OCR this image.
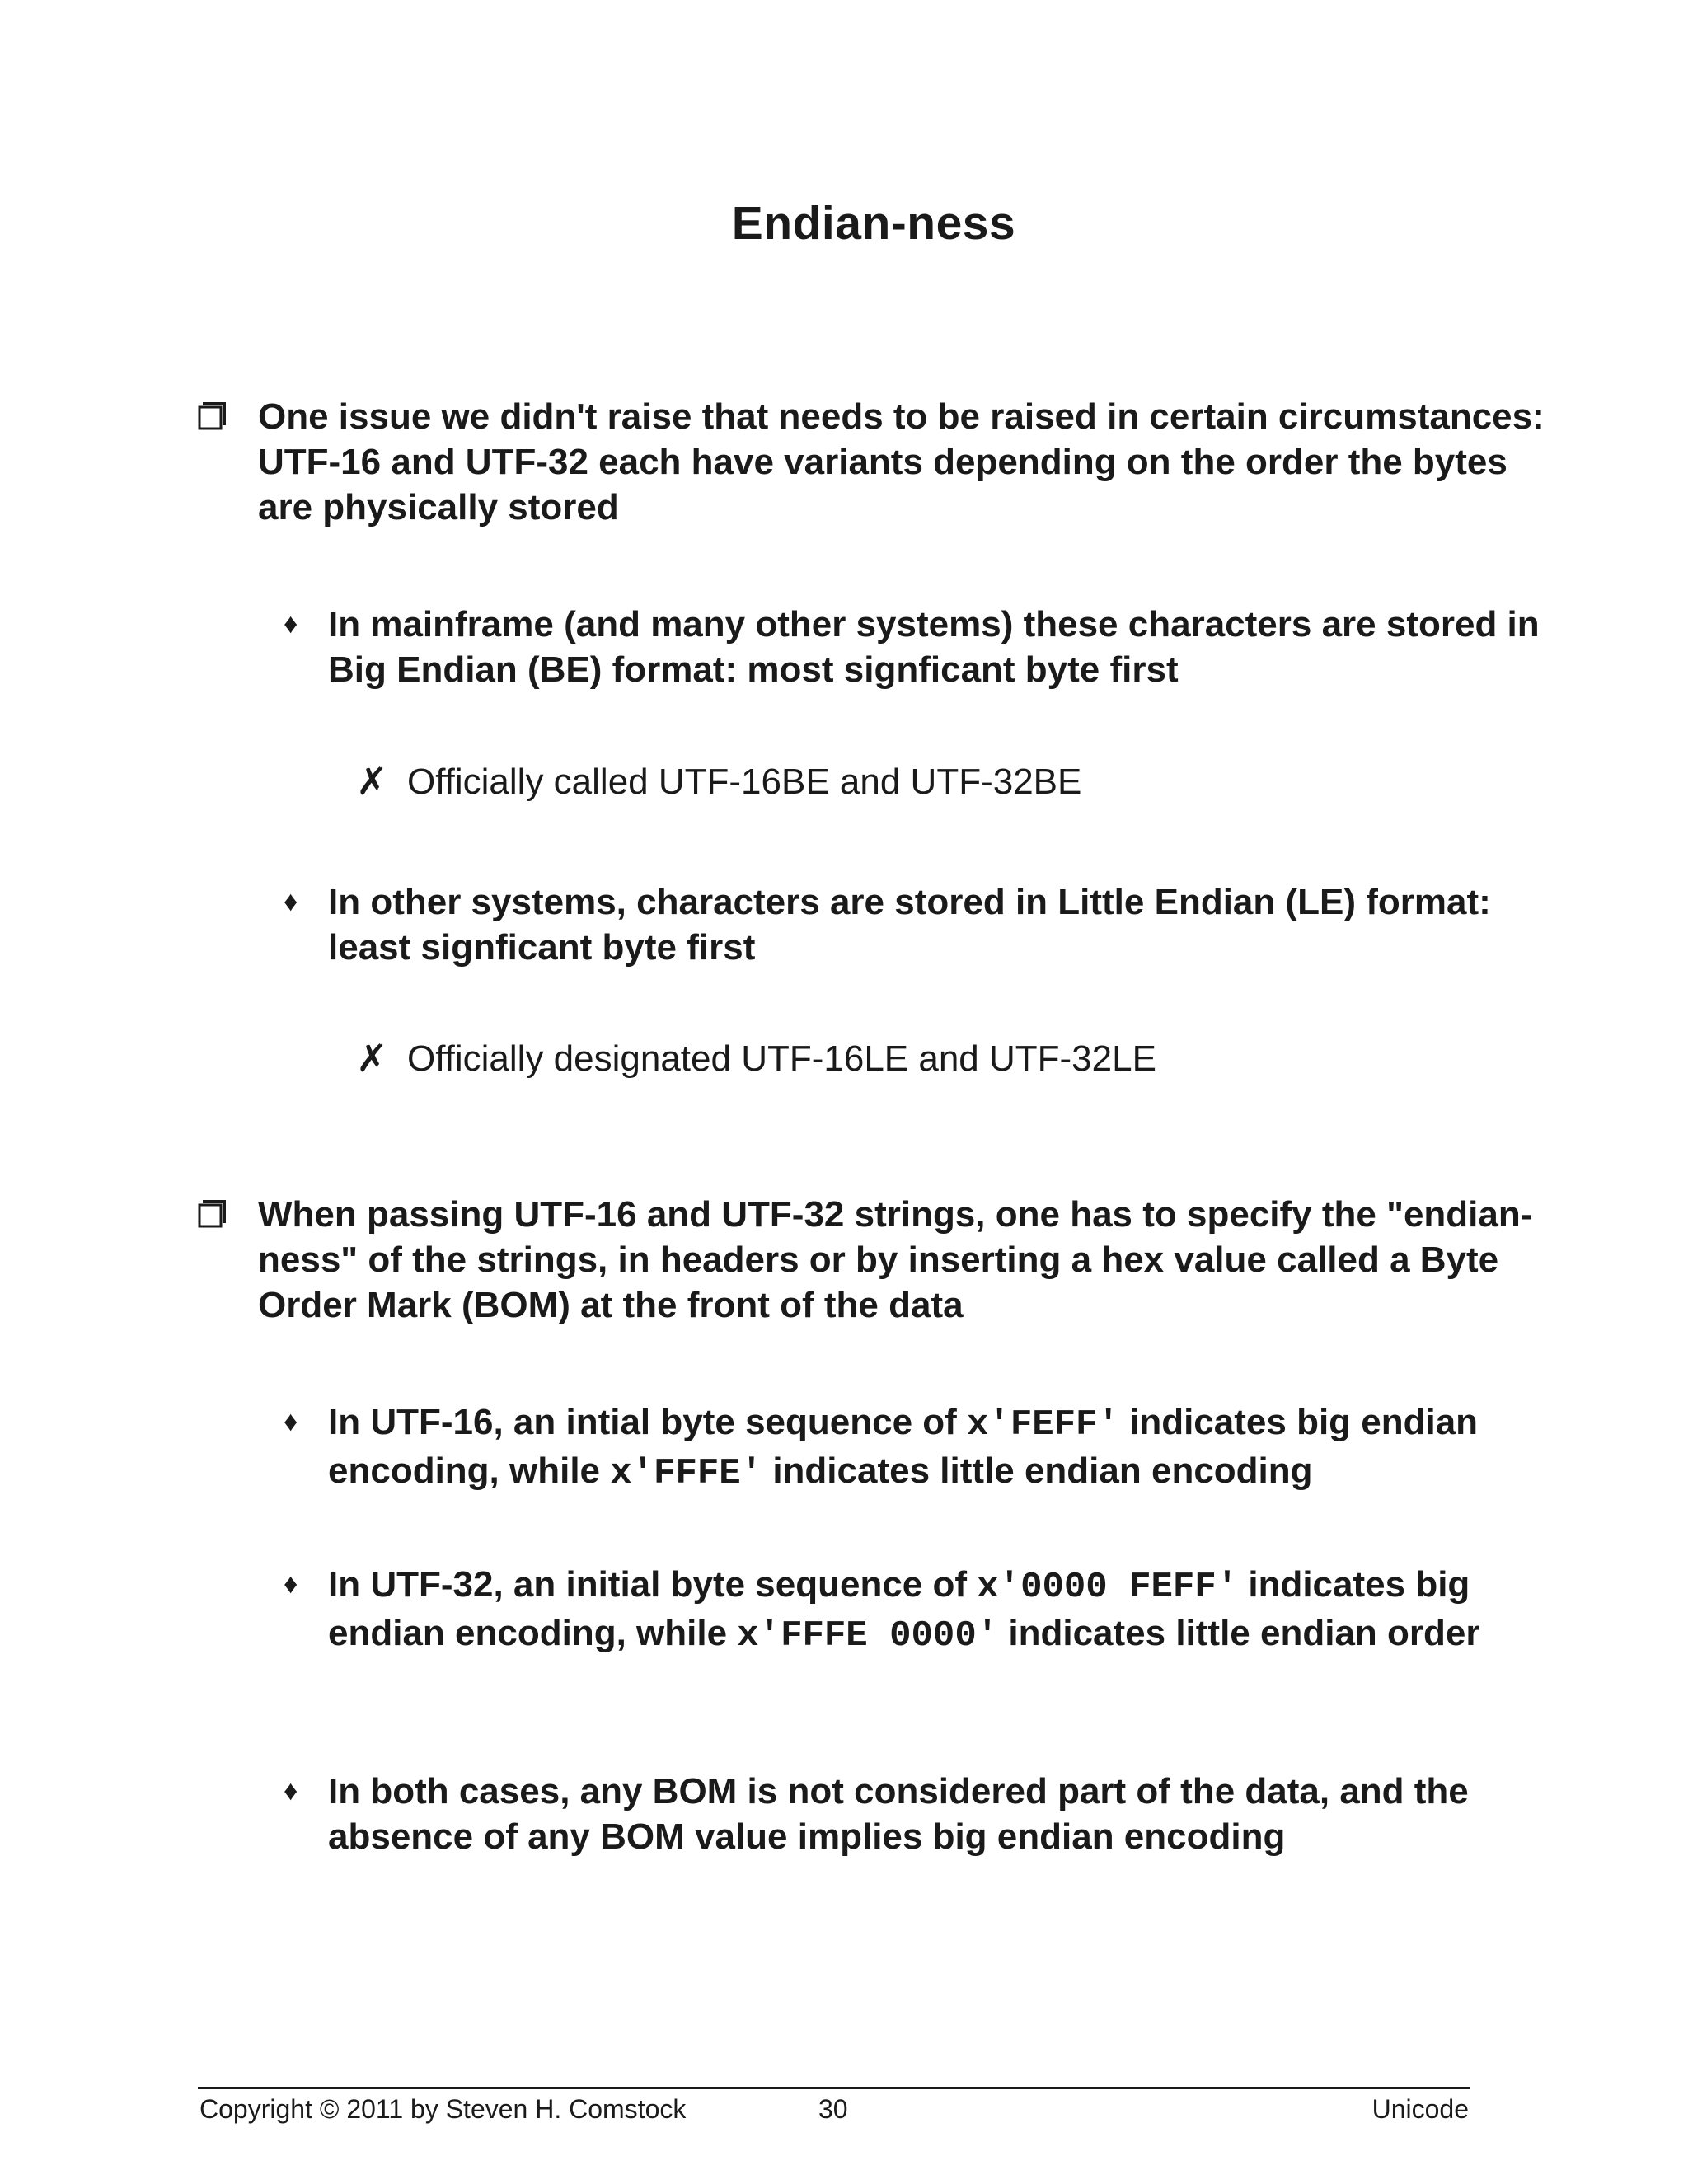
Endian-ness
One issue we didn't raise that needs to be raised in certain circumstances: UTF-16 and UTF-32 each have variants depending on the order the bytes are physically stored
♦ In mainframe (and many other systems) these characters are stored in Big Endian (BE) format: most signficant byte first
✗ Officially called UTF-16BE and UTF-32BE
♦ In other systems, characters are stored in Little Endian (LE) format: least signficant byte first
✗ Officially designated UTF-16LE and UTF-32LE
When passing UTF-16 and UTF-32 strings, one has to specify the "endian-ness" of the strings, in headers or by inserting a hex value called a Byte Order Mark (BOM) at the front of the data
♦ In UTF-16, an intial byte sequence of x'FEFF' indicates big endian encoding, while x'FFFE' indicates little endian encoding
♦ In UTF-32, an initial byte sequence of x'0000 FEFF' indicates big endian encoding, while x'FFFE 0000' indicates little endian order
♦ In both cases, any BOM is not considered part of the data, and the absence of any BOM value implies big endian encoding
Copyright © 2011 by Steven H. Comstock	30	Unicode
